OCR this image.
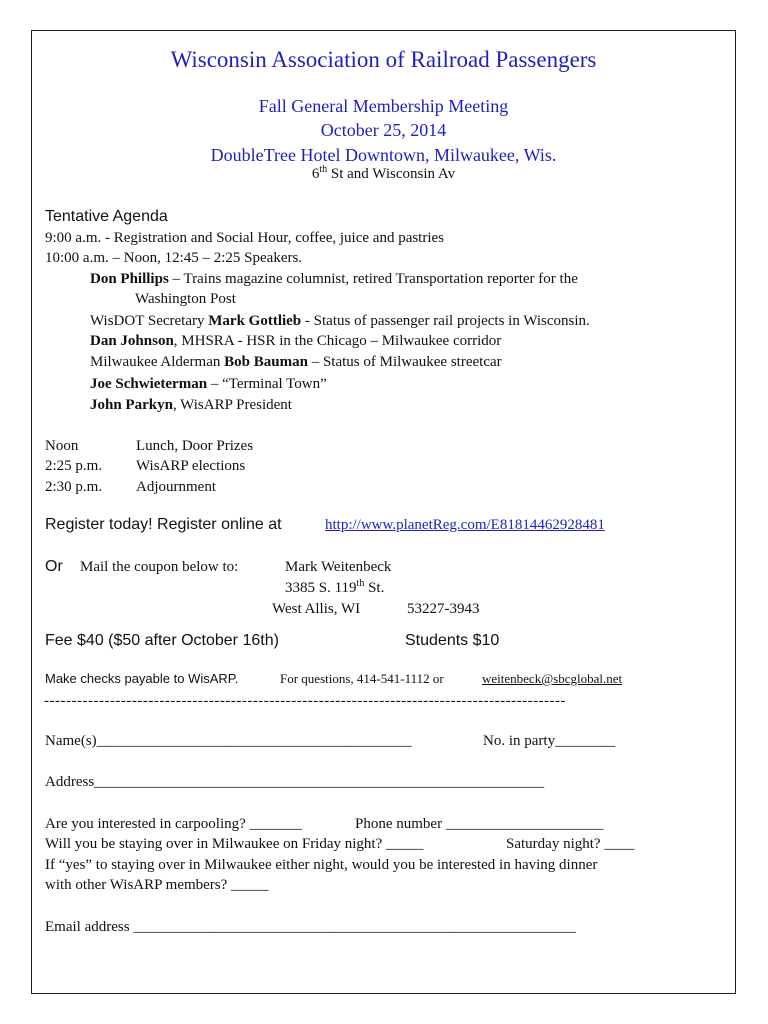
Wisconsin Association of Railroad Passengers
Fall General Membership Meeting
October 25, 2014
DoubleTree Hotel Downtown, Milwaukee, Wis.
6th St and Wisconsin Av
Tentative Agenda
9:00 a.m. - Registration and Social Hour, coffee, juice and pastries
10:00 a.m. – Noon, 12:45 – 2:25 Speakers.
Don Phillips – Trains magazine columnist, retired Transportation reporter for the
Washington Post
WisDOT Secretary Mark Gottlieb - Status of passenger rail projects in Wisconsin.
Dan Johnson, MHSRA - HSR in the Chicago – Milwaukee corridor
Milwaukee Alderman Bob Bauman – Status of Milwaukee streetcar
Joe Schwieterman – “Terminal Town”
John Parkyn, WisARP President
Noon	Lunch, Door Prizes
2:25 p.m. WisARP elections
2:30 p.m. Adjournment
Register today! Register online at	http://www.planetReg.com/E81814462928481
Or Mail the coupon below to:	Mark Weitenbeck
3385 S. 119th St.
West Allis, WI	53227-3943
Fee $40 ($50 after October 16th)	Students $10
Make checks payable to WisARP.	For questions, 414-541-1112 or	weitenbeck@sbcglobal.net
-----------------------------------------------------------------------------------------------
Name(s)__________________________________________	No. in party________
Address____________________________________________________________
Are you interested in carpooling? _______	Phone number _____________________
Will you be staying over in Milwaukee on Friday night? _____	Saturday night? ____
If “yes” to staying over in Milwaukee either night, would you be interested in having dinner
with other WisARP members? _____
Email address ___________________________________________________________
